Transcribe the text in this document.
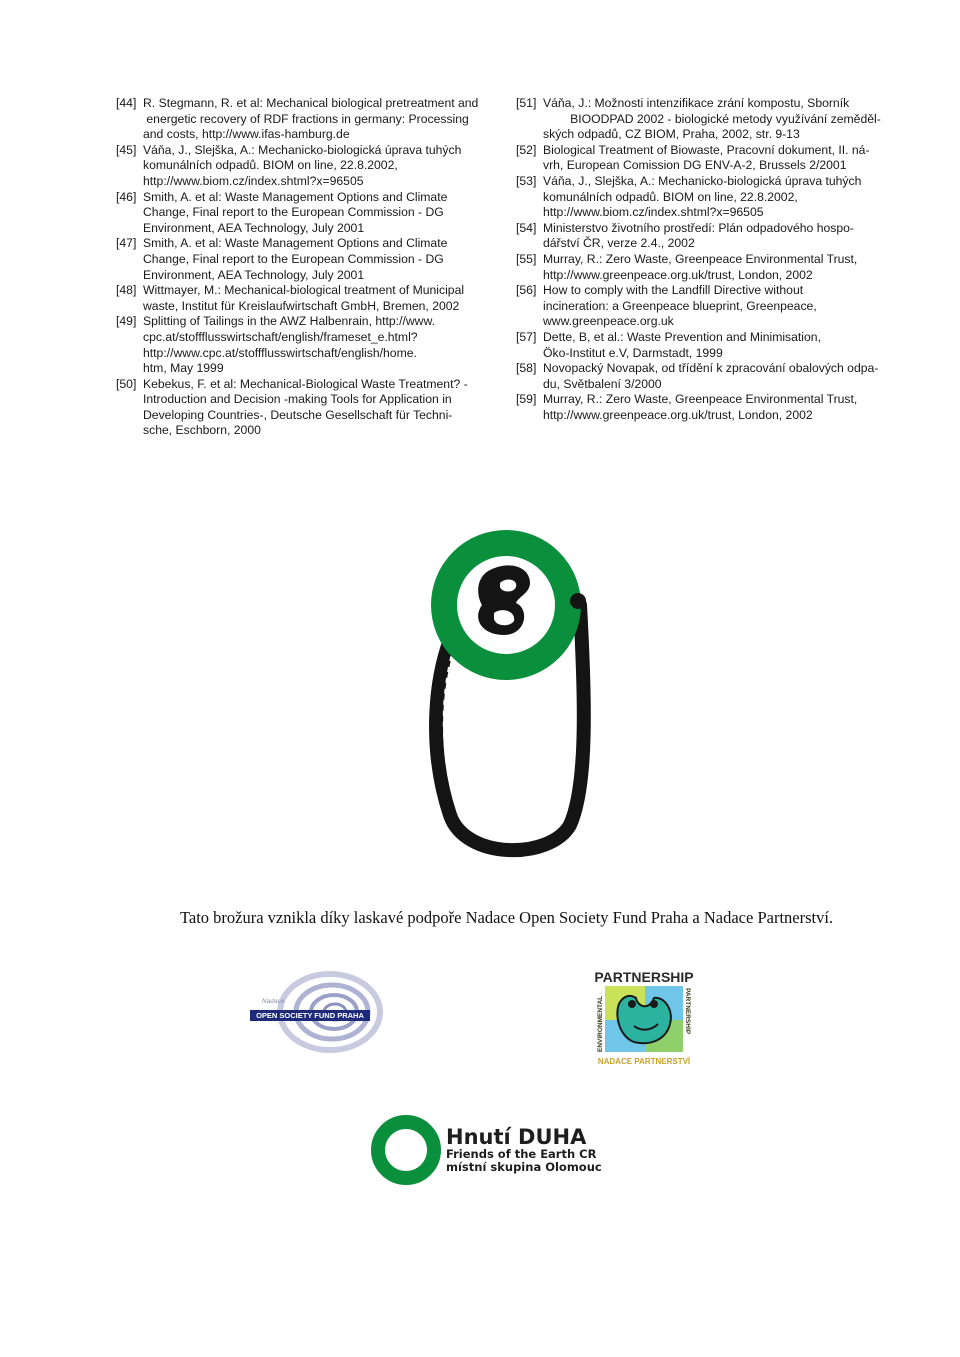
[44] R. Stegmann, R. et al: Mechanical biological pretreatment and
energetic recovery of RDF fractions in germany: Processing
and costs, http://www.ifas-hamburg.de
[45] Váňa, J., Slejška, A.: Mechanicko-biologická úprava tuhých
komunálních odpadů. BIOM on line, 22.8.2002,
http://www.biom.cz/index.shtml?x=96505
[46] Smith, A. et al: Waste Management Options and Climate
Change, Final report to the European Commission - DG
Environment, AEA Technology, July 2001
[47] Smith, A. et al: Waste Management Options and Climate
Change, Final report to the European Commission - DG
Environment, AEA Technology, July 2001
[48] Wittmayer, M.: Mechanical-biological treatment of Municipal
waste, Institut für Kreislaufwirtschaft GmbH, Bremen, 2002
[49] Splitting of Tailings in the AWZ Halbenrain, http://www.
cpc.at/stoffflusswirtschaft/english/frameset_e.html?
http://www.cpc.at/stoffflusswirtschaft/english/home.
htm, May 1999
[50] Kebekus, F. et al: Mechanical-Biological Waste Treatment? -
Introduction and Decision -making Tools for Application in
Developing Countries-, Deutsche Gesellschaft für Techni-
sche, Eschborn, 2000
[51] Váňa, J.: Možnosti intenzifikace zrání kompostu, Sborník
BIOODPAD 2002 - biologické metody využívání zeměděl-
ských odpadů, CZ BIOM, Praha, 2002, str. 9-13
[52] Biological Treatment of Biowaste, Pracovní dokument, II. ná-
vrh, European Comission DG ENV-A-2, Brussels 2/2001
[53] Váňa, J., Slejška, A.: Mechanicko-biologická úprava tuhých
komunálních odpadů. BIOM on line, 22.8.2002,
http://www.biom.cz/index.shtml?x=96505
[54] Ministerstvo životního prostředí: Plán odpadového hospo-
dářství ČR, verze 2.4., 2002
[55] Murray, R.: Zero Waste, Greenpeace Environmental Trust,
http://www.greenpeace.org.uk/trust, London, 2002
[56] How to comply with the Landfill Directive without
incineration: a Greenpeace blueprint, Greenpeace,
www.greenpeace.org.uk
[57] Dette, B, et al.: Waste Prevention and Minimisation,
Öko-Institut e.V, Darmstadt, 1999
[58] Novopacký Novapak, od třídění k zpracování obalových odpa-
du, Světbalení 3/2000
[59] Murray, R.: Zero Waste, Greenpeace Environmental Trust,
http://www.greenpeace.org.uk/trust, London, 2002
Tato brožura vznikla díky laskavé podpoře Nadace Open Society Fund Praha a Nadace Partnerství.
Nadace
OPEN SOCIETY FUND PRAHA
PARTNERSHIP
ENVIRONMENTAL	PARTNERSHIP
NADACE PARTNERSTVÍ
Hnutí DUHA
Friends of the Earth CR
místní skupina Olomouc
